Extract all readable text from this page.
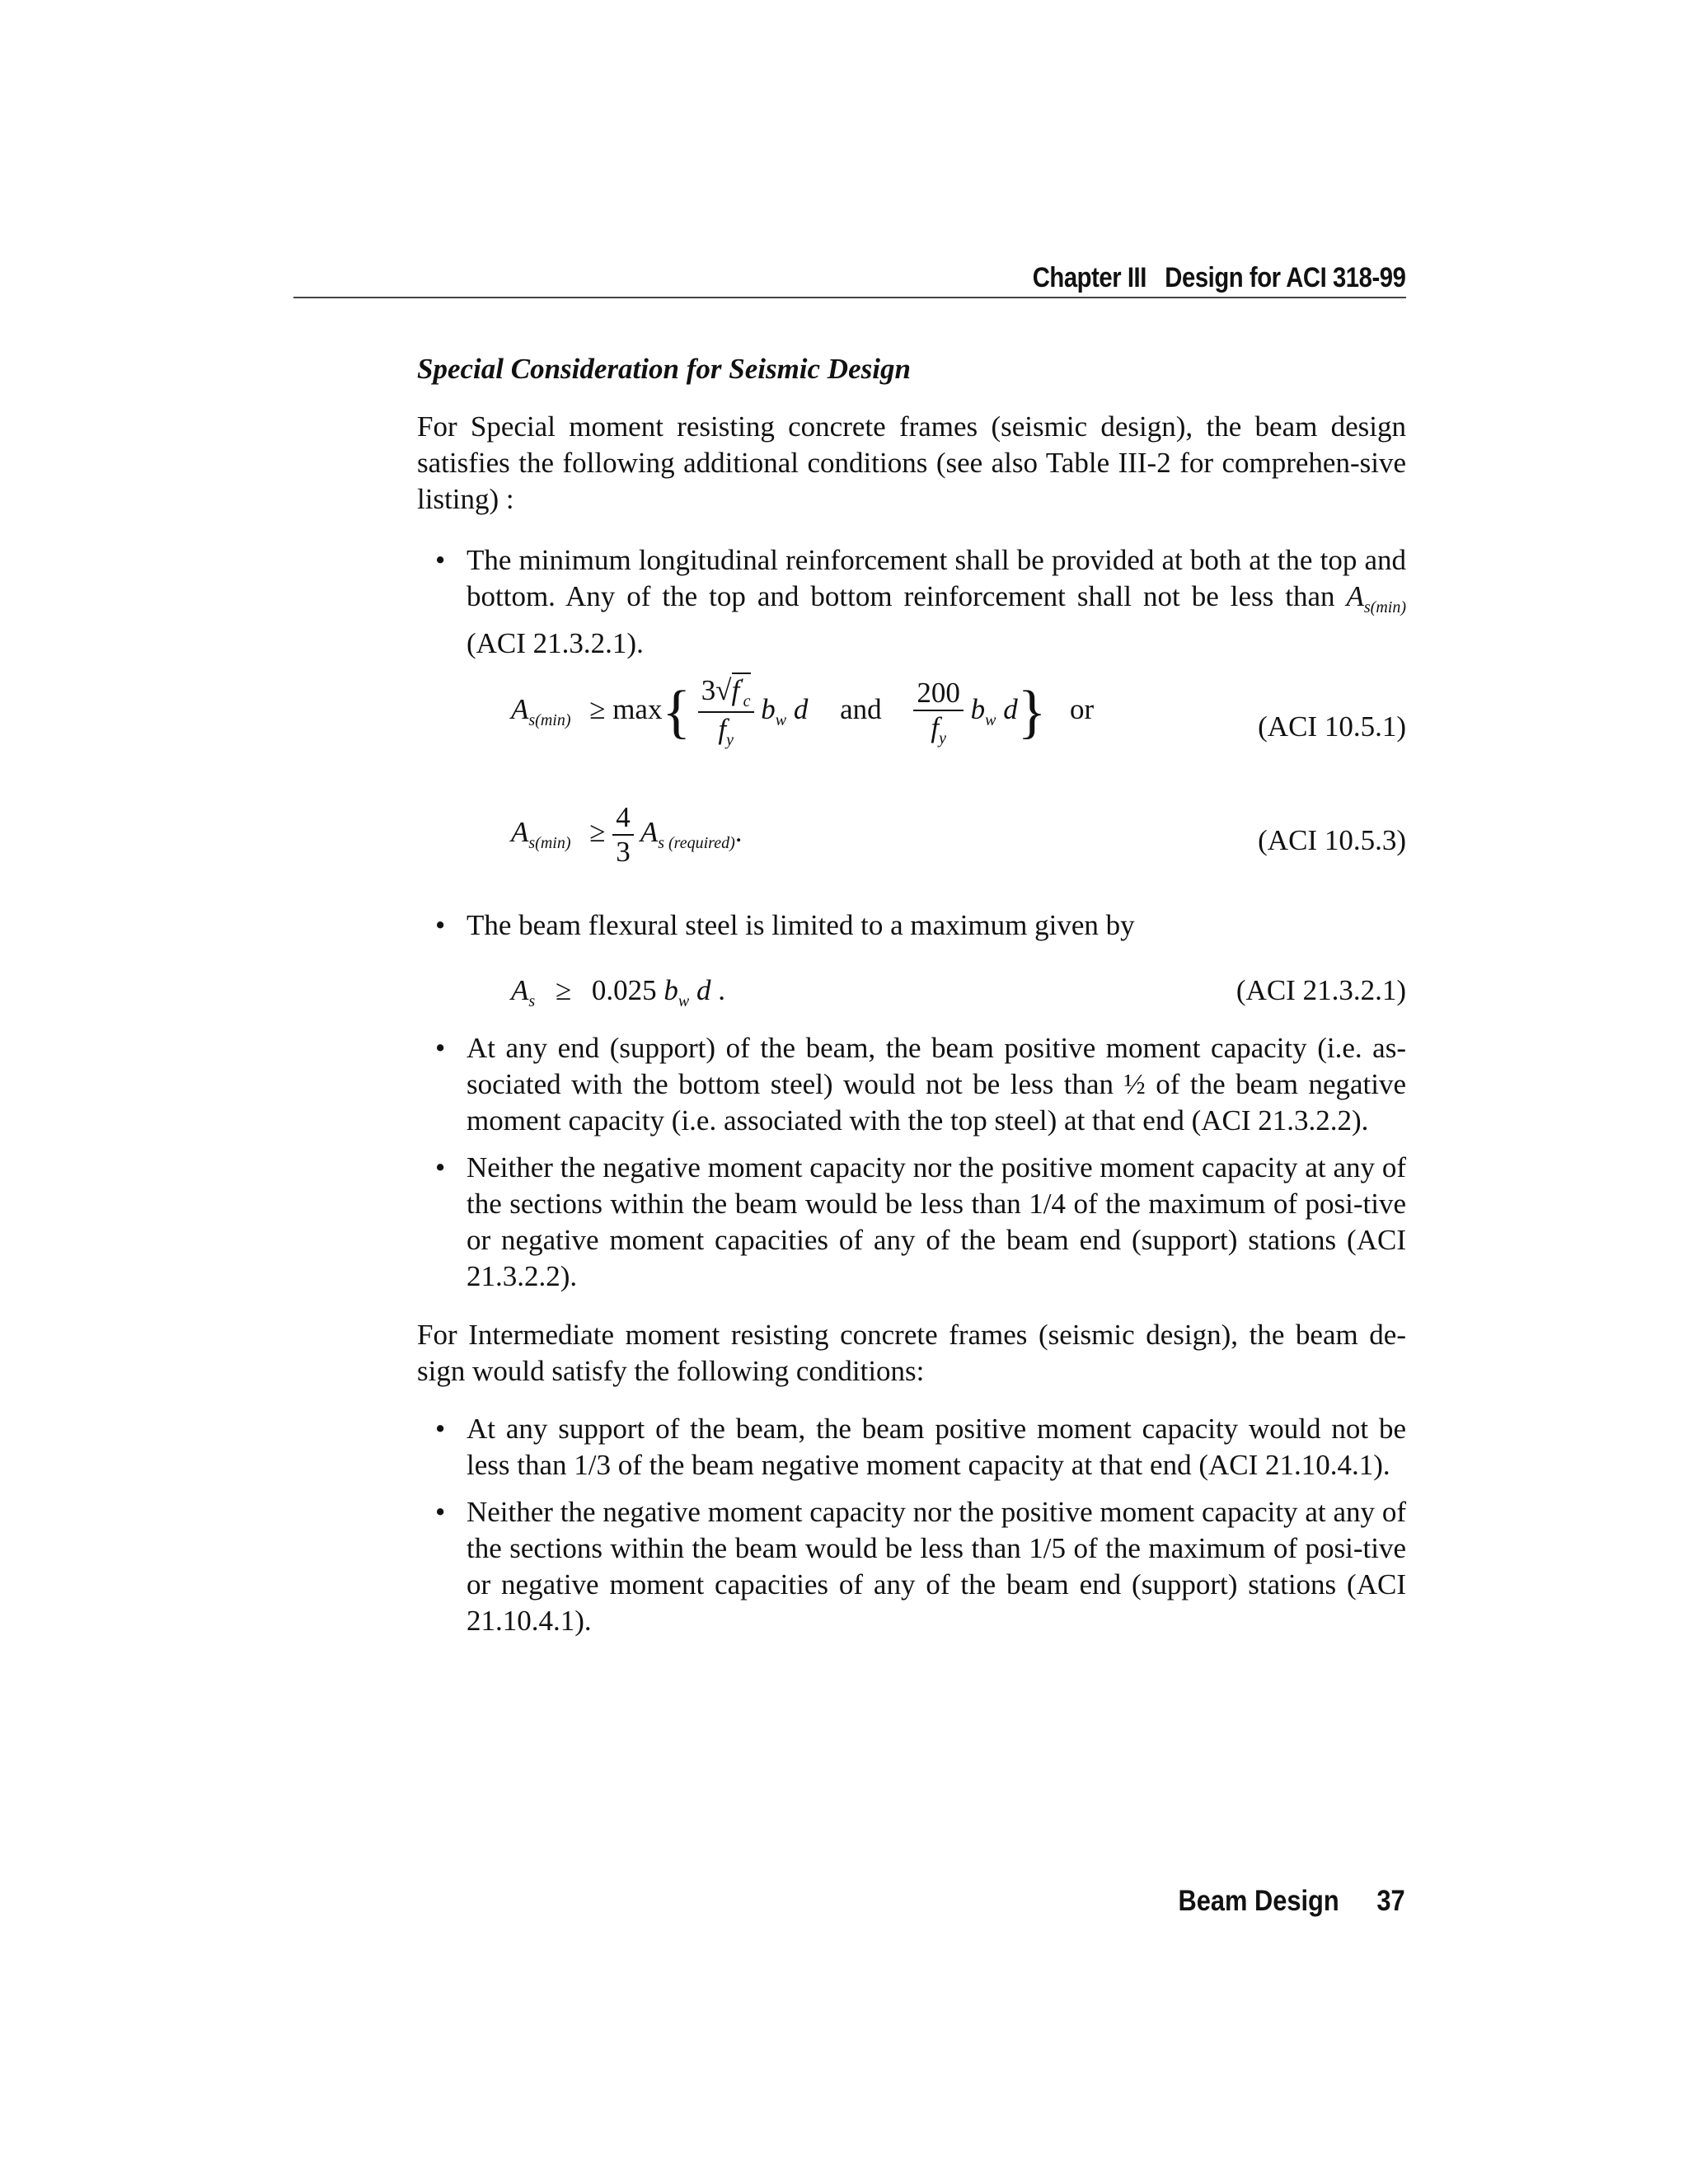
Chapter III Design for ACI 318-99
Special Consideration for Seismic Design
For Special moment resisting concrete frames (seismic design), the beam design satisfies the following additional conditions (see also Table III-2 for comprehen-sive listing) :
• The minimum longitudinal reinforcement shall be provided at both at the top and bottom. Any of the top and bottom reinforcement shall not be less than $A_{s(min)}$ (ACI 21.3.2.1).
$A_{s(min)} \ge \max\{ \frac{3√f'_c}{f_y} b_w$ d and $\frac{200}{f_y} b_w$ d} or
(ACI 10.5.1)
$A_{s(min)} \ge \frac{4}{3} A_{s (required)}$.	(ACI 10.5.3)
• The beam flexural steel is limited to a maximum given by
$A_s \ge 0.025$ $b_w$ d .	(ACI 21.3.2.1)
• At any end (support) of the beam, the beam positive moment capacity (i.e. as-sociated with the bottom steel) would not be less than ½ of the beam negative moment capacity (i.e. associated with the top steel) at that end (ACI 21.3.2.2).
• Neither the negative moment capacity nor the positive moment capacity at any of the sections within the beam would be less than 1/4 of the maximum of posi-tive or negative moment capacities of any of the beam end (support) stations (ACI 21.3.2.2).
For Intermediate moment resisting concrete frames (seismic design), the beam de-sign would satisfy the following conditions:
• At any support of the beam, the beam positive moment capacity would not be less than 1/3 of the beam negative moment capacity at that end (ACI 21.10.4.1).
• Neither the negative moment capacity nor the positive moment capacity at any of the sections within the beam would be less than 1/5 of the maximum of posi-tive or negative moment capacities of any of the beam end (support) stations (ACI 21.10.4.1).
Beam Design 37
